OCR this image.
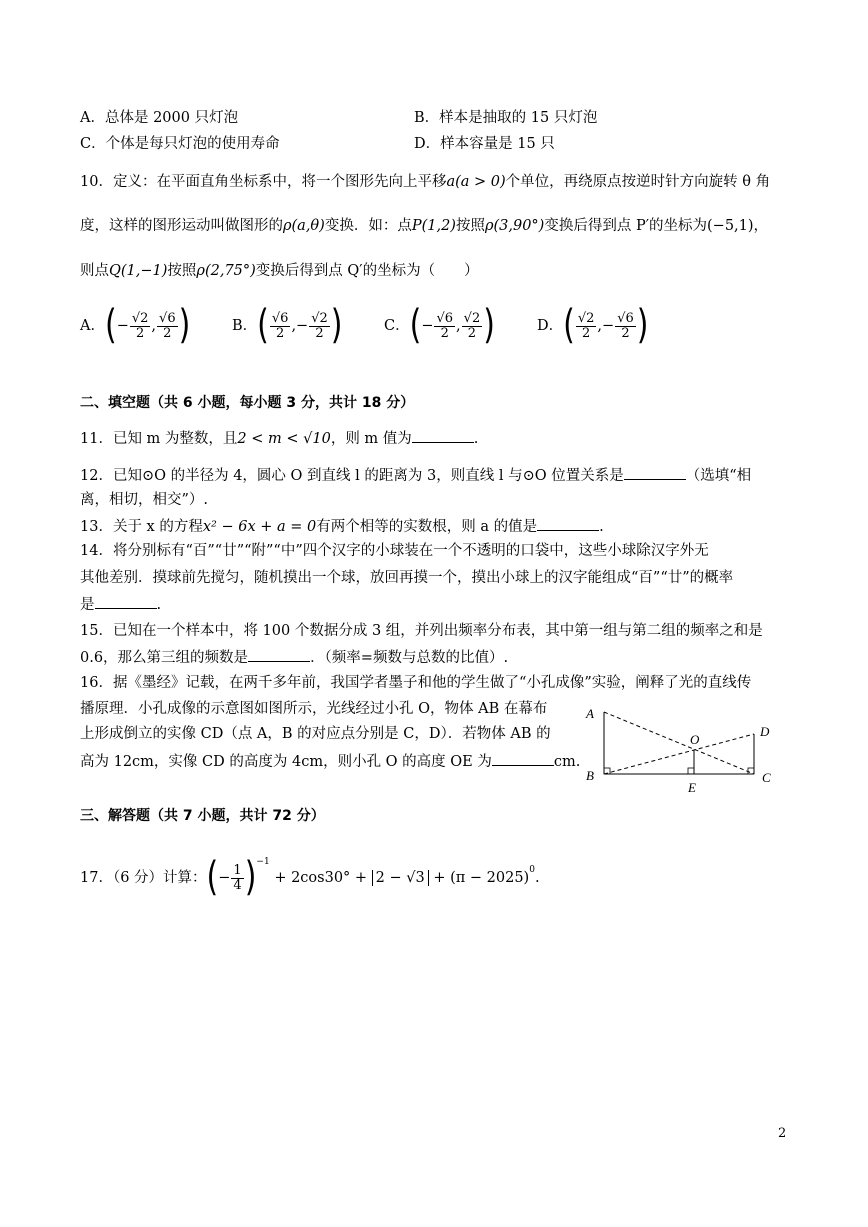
A．总体是 2000 只灯泡	B．样本是抽取的 15 只灯泡
C．个体是每只灯泡的使用寿命	D．样本容量是 15 只
10．定义：在平面直角坐标系中，将一个图形先向上平移a(a > 0)个单位，再绕原点按逆时针方向旋转 θ 角
度，这样的图形运动叫做图形的ρ(a,θ)变换．如：点P(1,2)按照ρ(3,90°)变换后得到点 P′的坐标为(−5,1)，
则点Q(1,−1)按照ρ(2,75°)变换后得到点 Q′的坐标为（　　）
A．(− $\frac{√2}{2}$ , $\frac{√6}{2}$ )	B．( $\frac{√6}{2}$ ,− $\frac{√2}{2}$ )	C．(− $\frac{√6}{2}$ , $\frac{√2}{2}$ )	D．( $\frac{√2}{2}$ ,− $\frac{√6}{2}$ )
二、填空题（共 6 小题，每小题 3 分，共计 18 分）
11．已知 m 为整数，且2 < m < √10，则 m 值为	.
12．已知⊙O 的半径为 4，圆心 O 到直线 l 的距离为 3，则直线 l 与⊙O 位置关系是	（选填“相
离，相切，相交”）.
13．关于 x 的方程x² − 6x + a = 0有两个相等的实数根，则 a 的值是	.
14．将分别标有“百”“廿”“附”“中”四个汉字的小球装在一个不透明的口袋中，这些小球除汉字外无
其他差别．摸球前先搅匀，随机摸出一个球，放回再摸一个，摸出小球上的汉字能组成“百”“廿”的概率
是	.
15．已知在一个样本中，将 100 个数据分成 3 组，并列出频率分布表，其中第一组与第二组的频率之和是
0.6，那么第三组的频数是	．（频率=频数与总数的比值）.
16．据《墨经》记载，在两千多年前，我国学者墨子和他的学生做了“小孔成像”实验，阐释了光的直线传
播原理．小孔成像的示意图如图所示，光线经过小孔 O，物体 AB 在幕布
上形成倒立的实像 CD（点 A，B 的对应点分别是 C，D）．若物体 AB 的
高为 12cm，实像 CD 的高度为 4cm，则小孔 O 的高度 OE 为	cm.
A
B	C
D
O
E
三、解答题（共 7 小题，共计 72 分）
17．（6 分）计算：(− $\frac{1}{4} )^{-1} + 2\cos 30^\circ + 2 - √3 + (\pi - 2025)^0$.
2
